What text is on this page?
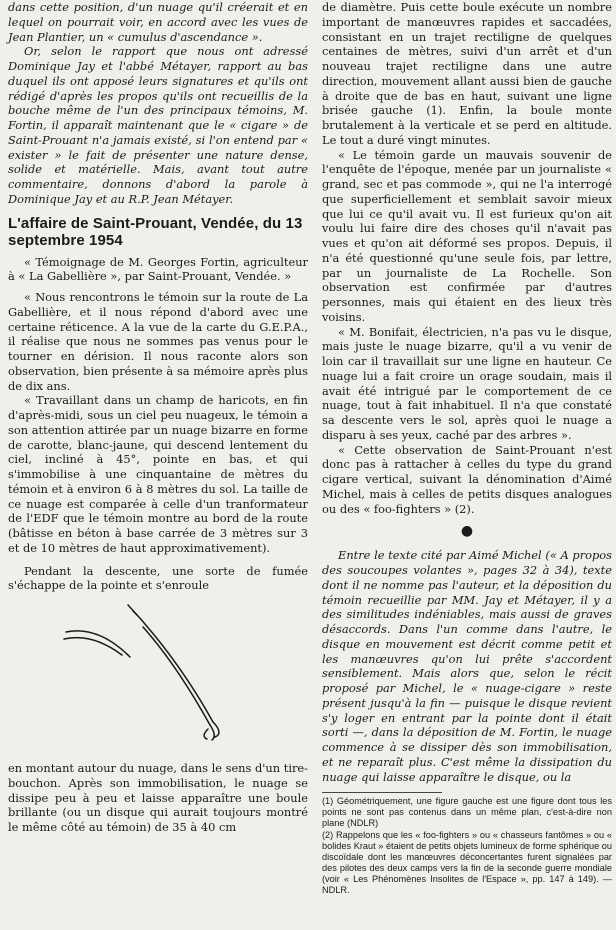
dans cette position, d'un nuage qu'il créerait et en lequel on pourrait voir, en accord avec les vues de Jean Plantier, un « cumulus d'ascendance ».

Or, selon le rapport que nous ont adressé Dominique Jay et l'abbé Métayer, rapport au bas duquel ils ont apposé leurs signatures et qu'ils ont rédigé d'après les propos qu'ils ont recueillis de la bouche même de l'un des principaux témoins, M. Fortin, il apparaît maintenant que le « cigare » de Saint-Prouant n'a jamais existé, si l'on entend par « exister » le fait de présenter une nature dense, solide et matérielle. Mais, avant tout autre commentaire, donnons d'abord la parole à Dominique Jay et au R.P. Jean Métayer.

L'affaire de Saint-Prouant, Vendée, du 13 septembre 1954

« Témoignage de M. Georges Fortin, agriculteur à « La Gabellière », par Saint-Prouant, Vendée. »

« Nous rencontrons le témoin sur la route de La Gabellière, et il nous répond d'abord avec une certaine réticence. A la vue de la carte du G.E.P.A., il réalise que nous ne sommes pas venus pour le tourner en dérision. Il nous raconte alors son observation, bien présente à sa mémoire après plus de dix ans.

« Travaillant dans un champ de haricots, en fin d'après-midi, sous un ciel peu nuageux, le témoin a son attention attirée par un nuage bizarre en forme de carotte, blanc-jaune, qui descend lentement du ciel, incliné à 45°, pointe en bas, et qui s'immobilise à une cinquantaine de mètres du témoin et à environ 6 à 8 mètres du sol. La taille de ce nuage est comparée à celle d'un tranformateur de l'EDF que le témoin montre au bord de la route (bâtisse en béton à base carrée de 3 mètres sur 3 et de 10 mètres de haut approximativement).

Pendant la descente, une sorte de fumée s'échappe de la pointe et s'enroule

en montant autour du nuage, dans le sens d'un tire-bouchon. Après son immobilisation, le nuage se dissipe peu à peu et laisse apparaître une boule brillante (ou un disque qui aurait toujours montré le même côté au témoin) de 35 à 40 cm

de diamètre. Puis cette boule exécute un nombre important de manœuvres rapides et saccadées, consistant en un trajet rectiligne de quelques centaines de mètres, suivi d'un arrêt et d'un nouveau trajet rectiligne dans une autre direction, mouvement allant aussi bien de gauche à droite que de bas en haut, suivant une ligne brisée gauche (1). Enfin, la boule monte brutalement à la verticale et se perd en altitude. Le tout a duré vingt minutes.

« Le témoin garde un mauvais souvenir de l'enquête de l'époque, menée par un journaliste « grand, sec et pas commode », qui ne l'a interrogé que superficiellement et semblait savoir mieux que lui ce qu'il avait vu. Il est furieux qu'on ait voulu lui faire dire des choses qu'il n'avait pas vues et qu'on ait déformé ses propos. Depuis, il n'a été questionné qu'une seule fois, par lettre, par un journaliste de La Rochelle. Son observation est confirmée par d'autres personnes, mais qui étaient en des lieux très voisins.

« M. Bonifait, électricien, n'a pas vu le disque, mais juste le nuage bizarre, qu'il a vu venir de loin car il travaillait sur une ligne en hauteur. Ce nuage lui a fait croire un orage soudain, mais il avait été intrigué par le comportement de ce nuage, tout à fait inhabituel. Il n'a que constaté sa descente vers le sol, après quoi le nuage a disparu à ses yeux, caché par des arbres ».

« Cette observation de Saint-Prouant n'est donc pas à rattacher à celles du type du grand cigare vertical, suivant la dénomination d'Aimé Michel, mais à celles de petits disques analogues ou des « foo-fighters » (2).

●

Entre le texte cité par Aimé Michel (« A propos des soucoupes volantes », pages 32 à 34), texte dont il ne nomme pas l'auteur, et la déposition du témoin recueillie par MM. Jay et Métayer, il y a des similitudes indéniables, mais aussi de graves désaccords. Dans l'un comme dans l'autre, le disque en mouvement est décrit comme petit et les manœuvres qu'on lui prête s'accordent sensiblement. Mais alors que, selon le récit proposé par Michel, le « nuage-cigare » reste présent jusqu'à la fin — puisque le disque revient s'y loger en entrant par la pointe dont il était sorti —, dans la déposition de M. Fortin, le nuage commence à se dissiper dès son immobilisation, et ne reparaît plus. C'est même la dissipation du nuage qui laisse apparaître le disque, ou la

(1) Géométriquement, une figure gauche est une figure dont tous les points ne sont pas contenus dans un même plan, c'est-à-dire non plane (NDLR)

(2) Rappelons que les « foo-fighters » ou « chasseurs fantômes » ou « bolides Kraut » étaient de petits objets lumineux de forme sphérique ou discoïdale dont les manœuvres déconcertantes furent signalées par des pilotes des deux camps vers la fin de la seconde guerre mondiale (voir « Les Phénomènes Insolites de l'Espace », pp. 147 à 149). — NDLR.
